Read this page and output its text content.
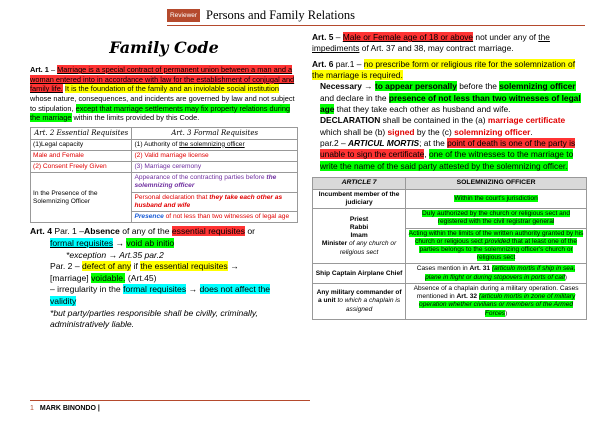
Reviewer Persons and Family Relations
Family Code

Art. 1 – Marriage is a special contract of permanent union between a man and a woman entered into in accordance with law for the establishment of conjugal and family life. It is the foundation of the family and an inviolable social institution whose nature, consequences, and incidents are governed by law and not subject to stipulation, except that marriage settlements may fix property relations during the marriage within the limits provided by this Code.

Art. 2 Essential Requisites	Art. 3 Formal Requisites
(1)Legal capacity	(1) Authority of the solemnizing officer
Male and Female	(2) Valid marriage license
(2) Consent Freely Given	(3) Marriage ceremony
In the Presence of the Solemnizing Officer	Appearance of the contracting parties before the solemnizing officer
	Personal declaration that they take each other as husband and wife
	Presence of not less than two witnesses of legal age
Art. 4 Par. 1 –Absence of any of the essential requisites or
formal requisites → void ab initio
*exception → Art.35 par.2
Par. 2 – defect of any if the essential requisites →
[marriage] voidable. (Art.45)
– irregularity in the formal requisites → does not affect the validity
*but party/parties responsible shall be civilly, criminally, administratively liable.

Art. 5 – Male or Female age of 18 or above not under any of the impediments of Art. 37 and 38, may contract marriage.

Art. 6 par.1 – no prescribe form or religious rite for the solemnization of the marriage is required.
Necessary → to appear personally before the solemnizing officer and declare in the presence of not less than two witnesses of legal age that they take each other as husband and wife.
DECLARATION shall be contained in the (a) marriage certificate which shall be (b) signed by the (c) solemnizing officer.
par.2 – ARTICUL MORTIS; at the point of death is one of the party is unable to sign the certificate, one of the witnesses to the marriage to write the name of the said party attested by the solemnizing officer.
ARTICLE 7	SOLEMNIZING OFFICER
Incumbent member of the judiciary	Within the court's jurisdiction

Priest
Rabbi
Imam
Minister of any church or religious sect	Duly authorized by the church or religious sect and registered with the civil registrar general
	Acting within the limits of the written authority granted by his church or religious sect provided that at least one of the parties belongs to the solemnizing officer's church or religious sect
Ship Captain Airplane Chief	Cases mention in Art. 31 (articulo mortis if ship in sea, plane in flight or during stopovers in ports of call)
Any military commander of a unit to which a chaplain is assigned	Absence of a chaplain during a military operation. Cases mentioned in Art. 32 (articulo mortis in zone of military operation whether civilians or members of the Armed Forces)
1 MARK BINONDO |
